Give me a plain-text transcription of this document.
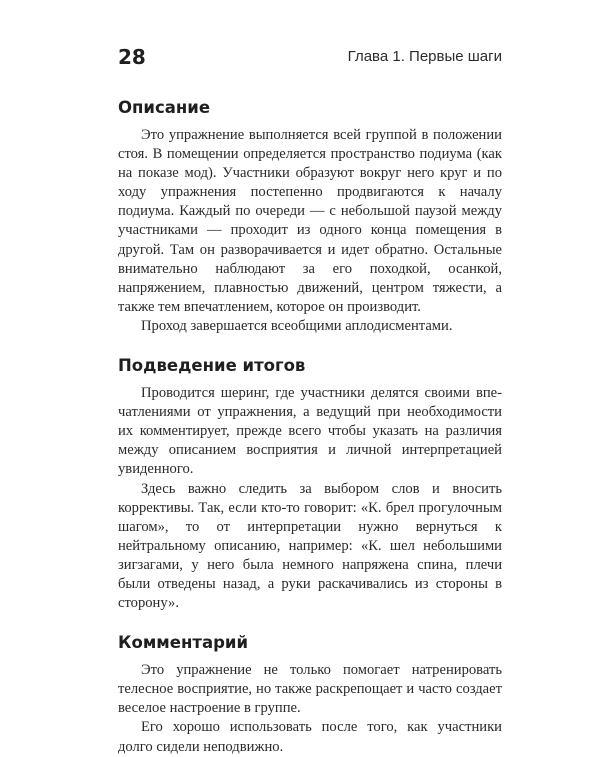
28	Глава 1. Первые шаги
Описание

Это упражнение выполняется всей группой в положении стоя. В помещении определяется пространство подиума (как на показе мод). Участники образуют вокруг него круг и по ходу упражнения постепенно продвигаются к началу подиума. Каждый по очереди — с небольшой паузой между участниками — проходит из одного конца помещения в другой. Там он разворачивается и идет обратно. Остальные внимательно наблюдают за его походкой, осанкой, напряжением, плавностью движений, центром тяжести, а также тем впечатлением, которое он производит.

Проход завершается всеобщими аплодисментами.

Подведение итогов

Проводится шеринг, где участники делятся своими впечатлениями от упражнения, а ведущий при необходимости их комментирует, прежде всего чтобы указать на различия между описанием восприятия и личной интерпретацией увиденного.

Здесь важно следить за выбором слов и вносить коррективы. Так, если кто-то говорит: «К. брел прогулочным шагом», то от интерпретации нужно вернуться к нейтральному описанию, например: «К. шел небольшими зигзагами, у него была немного напряжена спина, плечи были отведены назад, а руки раскачивались из стороны в сторону».

Комментарий

Это упражнение не только помогает натренировать телесное восприятие, но также раскрепощает и часто создает веселое настроение в группе.

Его хорошо использовать после того, как участники долго сидели неподвижно.
